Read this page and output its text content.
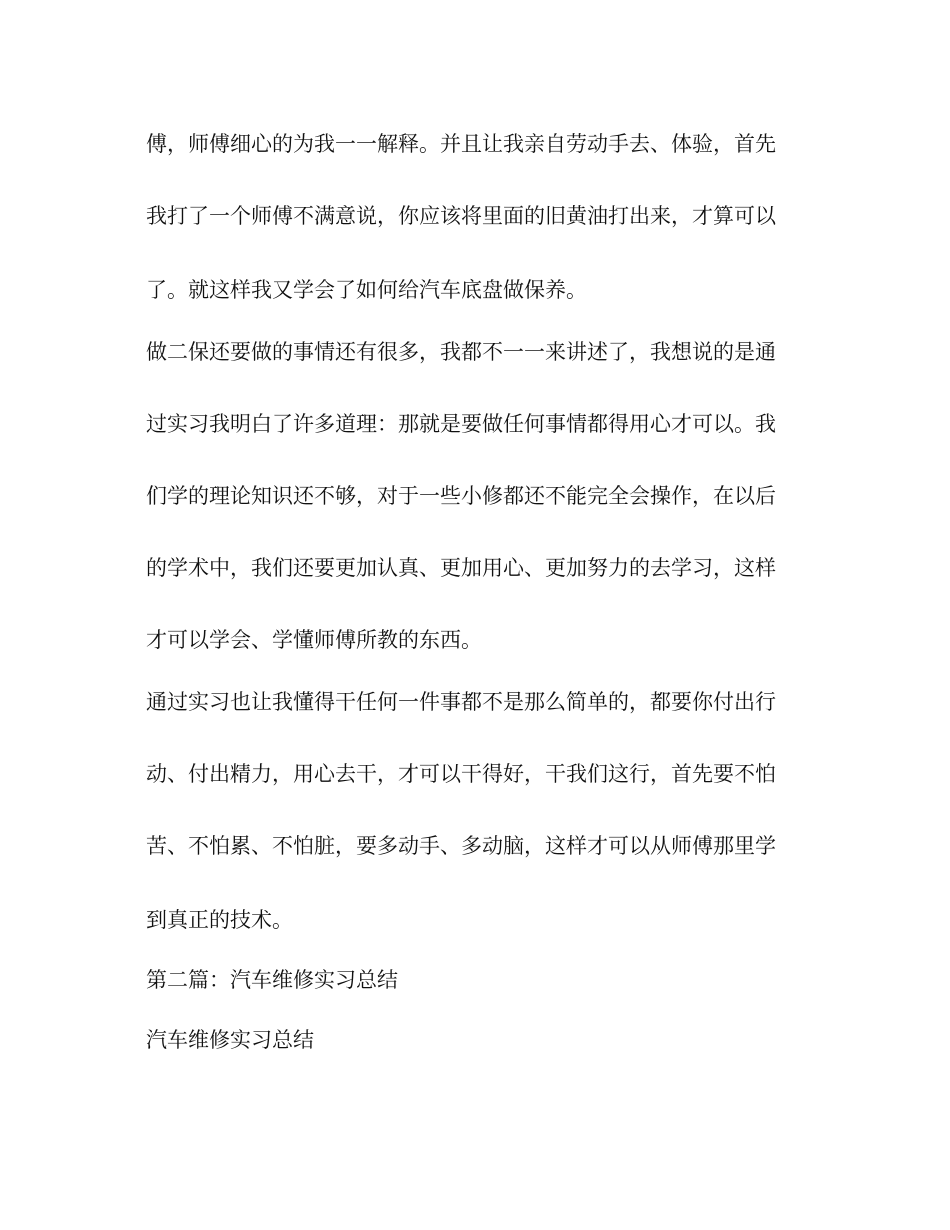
傅，师傅细心的为我一一解释。并且让我亲自劳动手去、体验，首先
我打了一个师傅不满意说，你应该将里面的旧黄油打出来，才算可以
了。就这样我又学会了如何给汽车底盘做保养。
做二保还要做的事情还有很多，我都不一一来讲述了，我想说的是通
过实习我明白了许多道理：那就是要做任何事情都得用心才可以。我
们学的理论知识还不够，对于一些小修都还不能完全会操作，在以后
的学术中，我们还要更加认真、更加用心、更加努力的去学习，这样
才可以学会、学懂师傅所教的东西。
通过实习也让我懂得干任何一件事都不是那么简单的，都要你付出行
动、付出精力，用心去干，才可以干得好，干我们这行，首先要不怕
苦、不怕累、不怕脏，要多动手、多动脑，这样才可以从师傅那里学
到真正的技术。
第二篇：汽车维修实习总结
汽车维修实习总结
